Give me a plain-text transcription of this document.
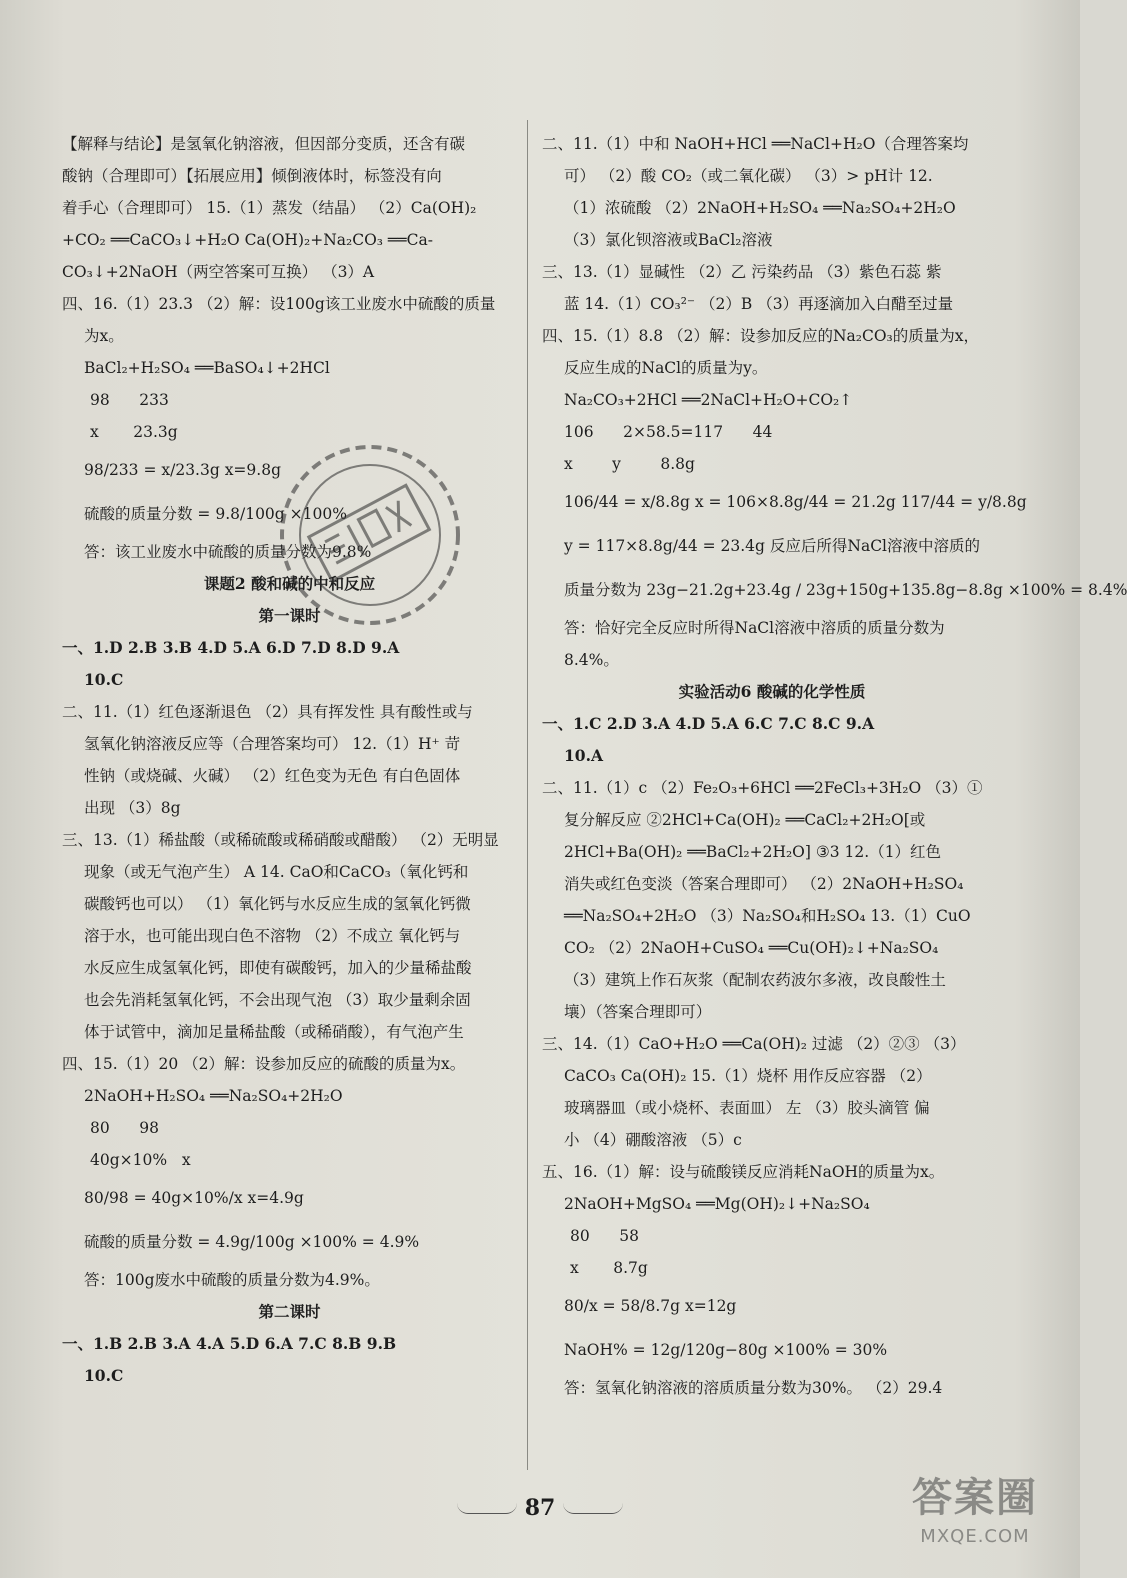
【解释与结论】是氢氧化钠溶液，但因部分变质，还含有碳
酸钠（合理即可）【拓展应用】倾倒液体时，标签没有向
着手心（合理即可） 15.（1）蒸发（结晶） （2）Ca(OH)₂
+CO₂ ══CaCO₃↓+H₂O Ca(OH)₂+Na₂CO₃ ══Ca-
CO₃↓+2NaOH（两空答案可互换） （3）A
四、16.（1）23.3 （2）解：设100g该工业废水中硫酸的质量
为x。
BaCl₂+H₂SO₄ ══BaSO₄↓+2HCl
98      233
x       23.3g
98/233 = x/23.3g x=9.8g
硫酸的质量分数 = 9.8/100g ×100%
答：该工业废水中硫酸的质量分数为9.8%
课题2 酸和碱的中和反应
第一课时
一、1.D 2.B 3.B 4.D 5.A 6.D 7.D 8.D 9.A
10.C
二、11.（1）红色逐渐退色 （2）具有挥发性 具有酸性或与
氢氧化钠溶液反应等（合理答案均可） 12.（1）H⁺ 苛
性钠（或烧碱、火碱） （2）红色变为无色 有白色固体
出现 （3）8g
三、13.（1）稀盐酸（或稀硫酸或稀硝酸或醋酸） （2）无明显
现象（或无气泡产生） A 14. CaO和CaCO₃（氧化钙和
碳酸钙也可以） （1）氧化钙与水反应生成的氢氧化钙微
溶于水，也可能出现白色不溶物 （2）不成立 氧化钙与
水反应生成氢氧化钙，即使有碳酸钙，加入的少量稀盐酸
也会先消耗氢氧化钙，不会出现气泡 （3）取少量剩余固
体于试管中，滴加足量稀盐酸（或稀硝酸），有气泡产生
四、15.（1）20 （2）解：设参加反应的硫酸的质量为x。
2NaOH+H₂SO₄ ══Na₂SO₄+2H₂O
80      98
40g×10%   x
80/98 = 40g×10%/x x=4.9g
硫酸的质量分数 = 4.9g/100g ×100% = 4.9%
答：100g废水中硫酸的质量分数为4.9%。
第二课时
一、1.B 2.B 3.A 4.A 5.D 6.A 7.C 8.B 9.B
10.C
二、11.（1）中和 NaOH+HCl ══NaCl+H₂O（合理答案均
可） （2）酸 CO₂（或二氧化碳） （3）> pH计 12.
（1）浓硫酸 （2）2NaOH+H₂SO₄ ══Na₂SO₄+2H₂O
（3）氯化钡溶液或BaCl₂溶液
三、13.（1）显碱性 （2）乙 污染药品 （3）紫色石蕊 紫
蓝 14.（1）CO₃²⁻ （2）B （3）再逐滴加入白醋至过量
四、15.（1）8.8 （2）解：设参加反应的Na₂CO₃的质量为x，
反应生成的NaCl的质量为y。
Na₂CO₃+2HCl ══2NaCl+H₂O+CO₂↑
106      2×58.5=117      44
x        y        8.8g
106/44 = x/8.8g x = 106×8.8g/44 = 21.2g 117/44 = y/8.8g
y = 117×8.8g/44 = 23.4g 反应后所得NaCl溶液中溶质的
质量分数为 23g−21.2g+23.4g / 23g+150g+135.8g−8.8g ×100% = 8.4%
答：恰好完全反应时所得NaCl溶液中溶质的质量分数为
8.4%。
实验活动6 酸碱的化学性质
一、1.C 2.D 3.A 4.D 5.A 6.C 7.C 8.C 9.A
10.A
二、11.（1）c （2）Fe₂O₃+6HCl ══2FeCl₃+3H₂O （3）①
复分解反应 ②2HCl+Ca(OH)₂ ══CaCl₂+2H₂O[或
2HCl+Ba(OH)₂ ══BaCl₂+2H₂O] ③3 12.（1）红色
消失或红色变淡（答案合理即可） （2）2NaOH+H₂SO₄
══Na₂SO₄+2H₂O （3）Na₂SO₄和H₂SO₄ 13.（1）CuO
CO₂ （2）2NaOH+CuSO₄ ══Cu(OH)₂↓+Na₂SO₄
（3）建筑上作石灰浆（配制农药波尔多液，改良酸性土
壤）（答案合理即可）
三、14.（1）CaO+H₂O ══Ca(OH)₂ 过滤 （2）②③ （3）
CaCO₃ Ca(OH)₂ 15.（1）烧杯 用作反应容器 （2）
玻璃器皿（或小烧杯、表面皿） 左 （3）胶头滴管 偏
小 （4）硼酸溶液 （5）c
五、16.（1）解：设与硫酸镁反应消耗NaOH的质量为x。
2NaOH+MgSO₄ ══Mg(OH)₂↓+Na₂SO₄
80      58
x       8.7g
80/x = 58/8.7g x=12g
NaOH% = 12g/120g−80g ×100% = 30%
答：氢氧化钠溶液的溶质质量分数为30%。 （2）29.4
87	答案圈
MXQE.COM
